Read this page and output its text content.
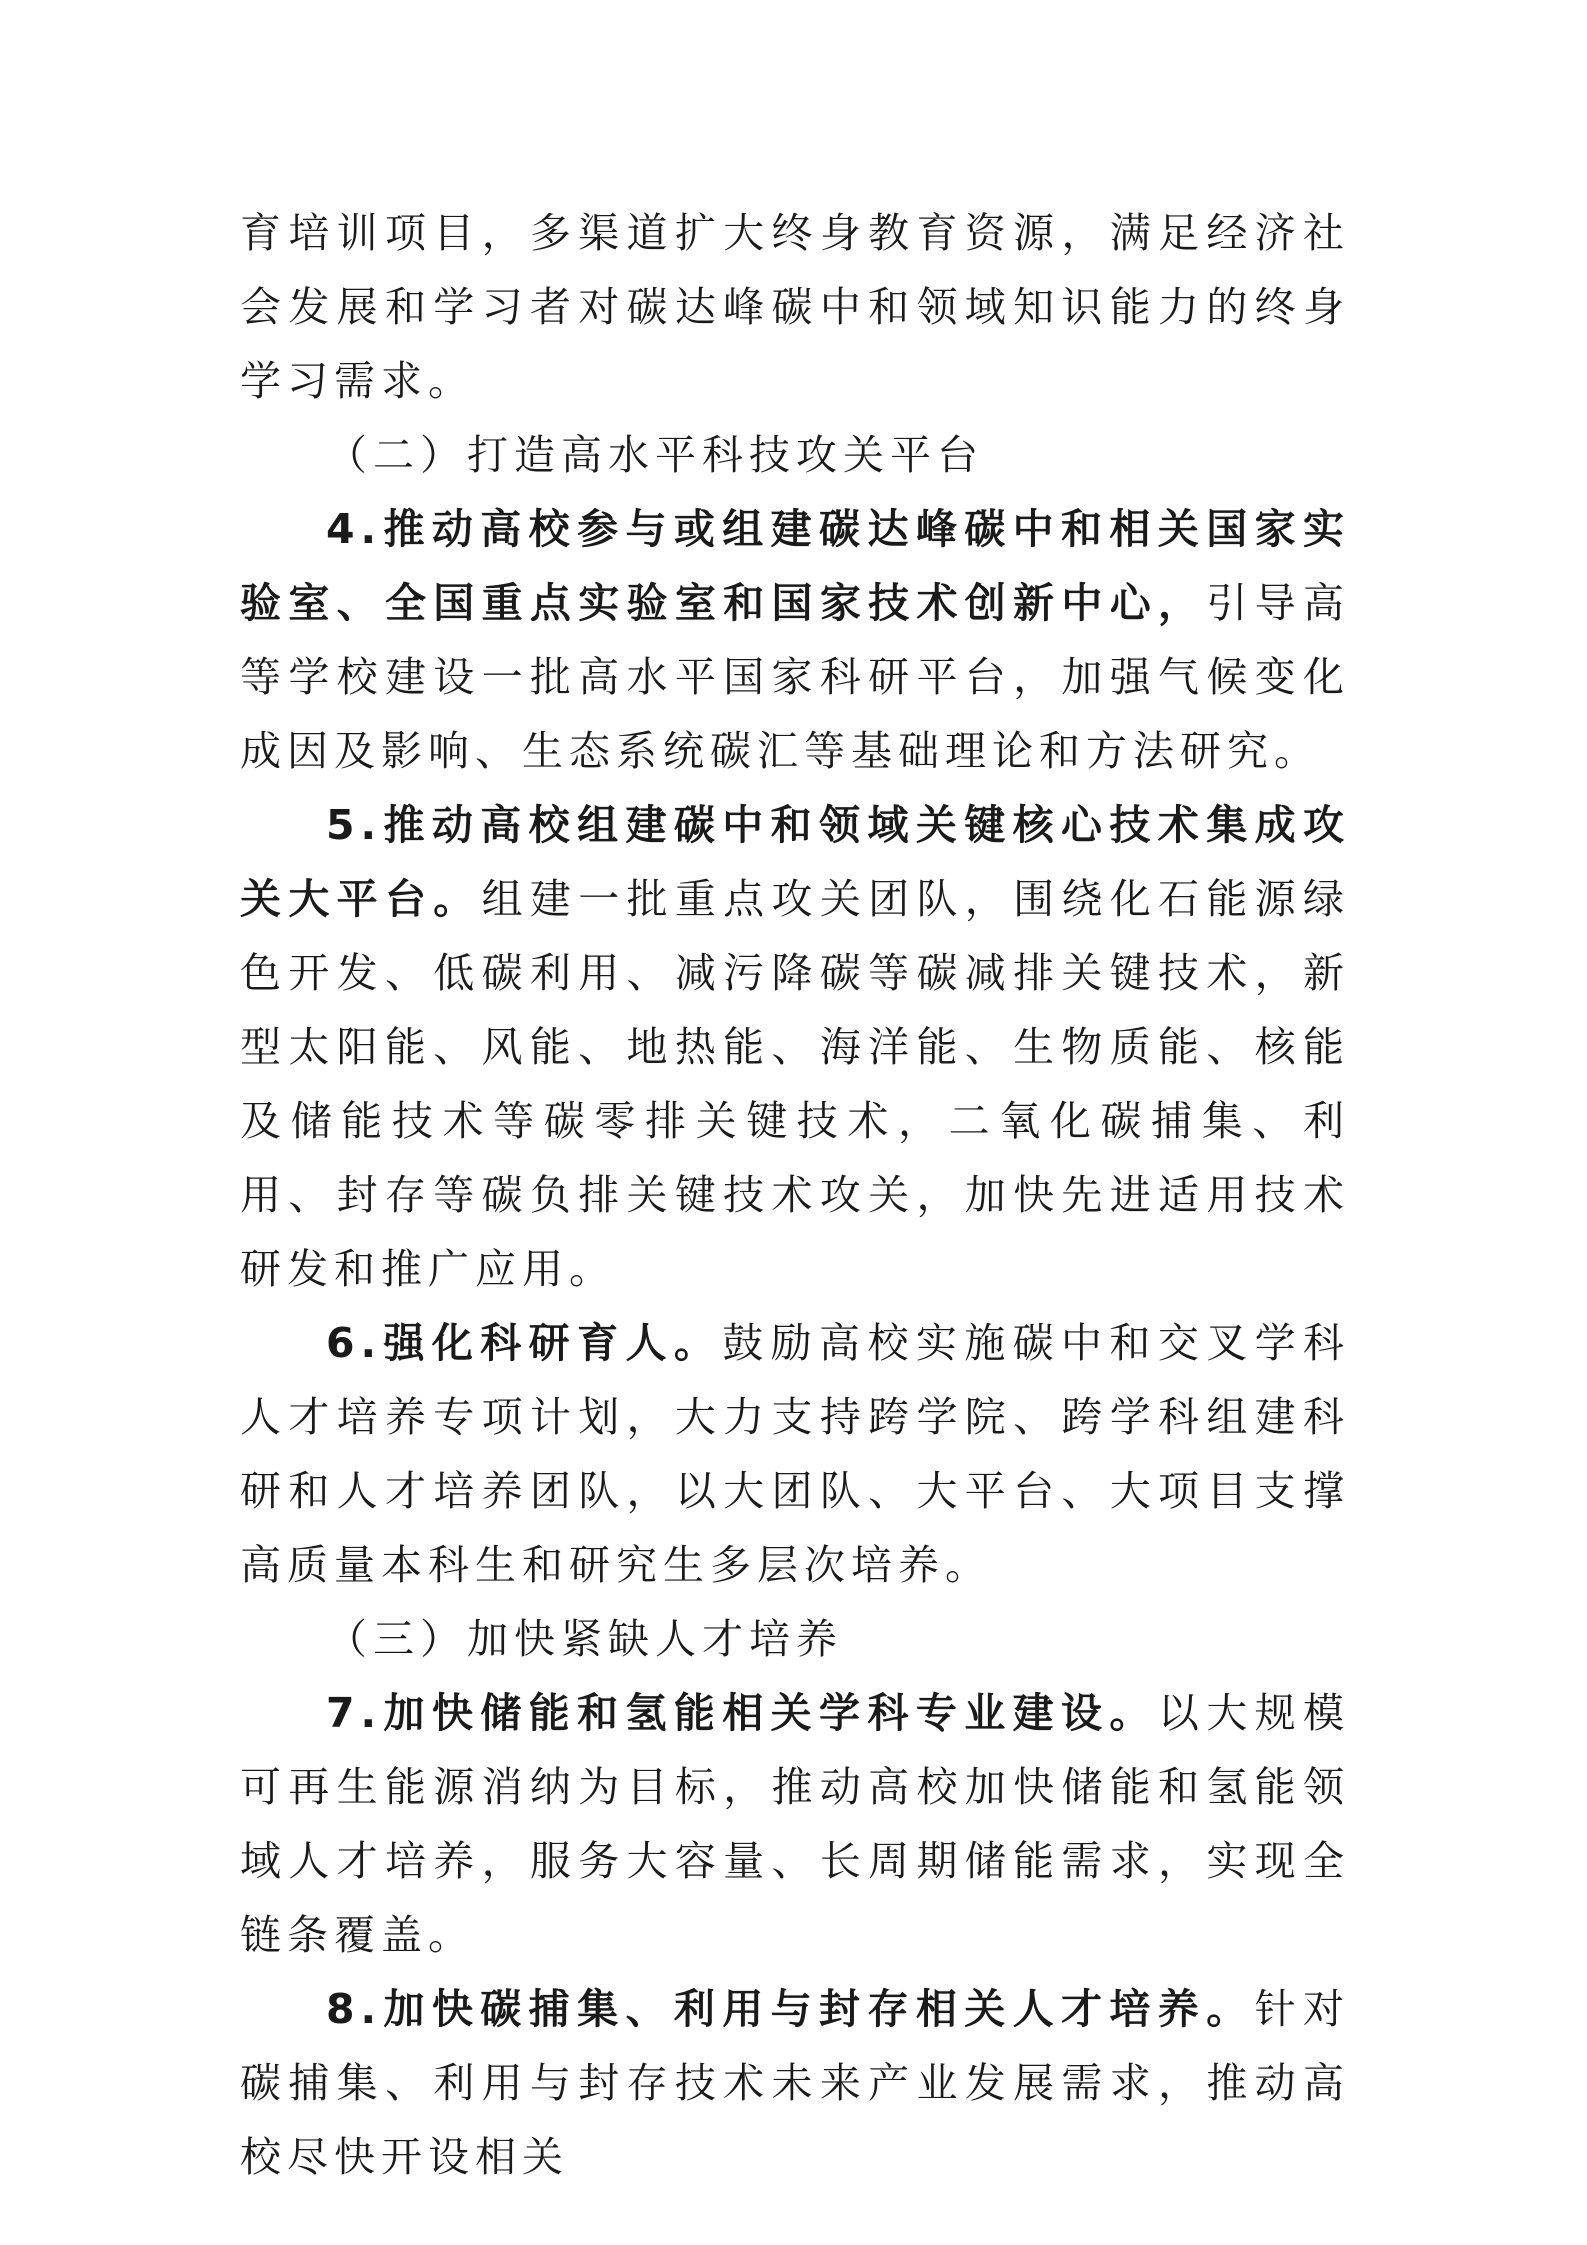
育培训项目，多渠道扩大终身教育资源，满足经济社会发展和学习者对碳达峰碳中和领域知识能力的终身学习需求。

（二）打造高水平科技攻关平台

4.推动高校参与或组建碳达峰碳中和相关国家实验室、全国重点实验室和国家技术创新中心，引导高等学校建设一批高水平国家科研平台，加强气候变化成因及影响、生态系统碳汇等基础理论和方法研究。

5.推动高校组建碳中和领域关键核心技术集成攻关大平台。组建一批重点攻关团队，围绕化石能源绿色开发、低碳利用、减污降碳等碳减排关键技术，新型太阳能、风能、地热能、海洋能、生物质能、核能及储能技术等碳零排关键技术，二氧化碳捕集、利用、封存等碳负排关键技术攻关，加快先进适用技术研发和推广应用。

6.强化科研育人。鼓励高校实施碳中和交叉学科人才培养专项计划，大力支持跨学院、跨学科组建科研和人才培养团队，以大团队、大平台、大项目支撑高质量本科生和研究生多层次培养。

（三）加快紧缺人才培养

7.加快储能和氢能相关学科专业建设。以大规模可再生能源消纳为目标，推动高校加快储能和氢能领域人才培养，服务大容量、长周期储能需求，实现全链条覆盖。

8.加快碳捕集、利用与封存相关人才培养。针对碳捕集、利用与封存技术未来产业发展需求，推动高校尽快开设相关
